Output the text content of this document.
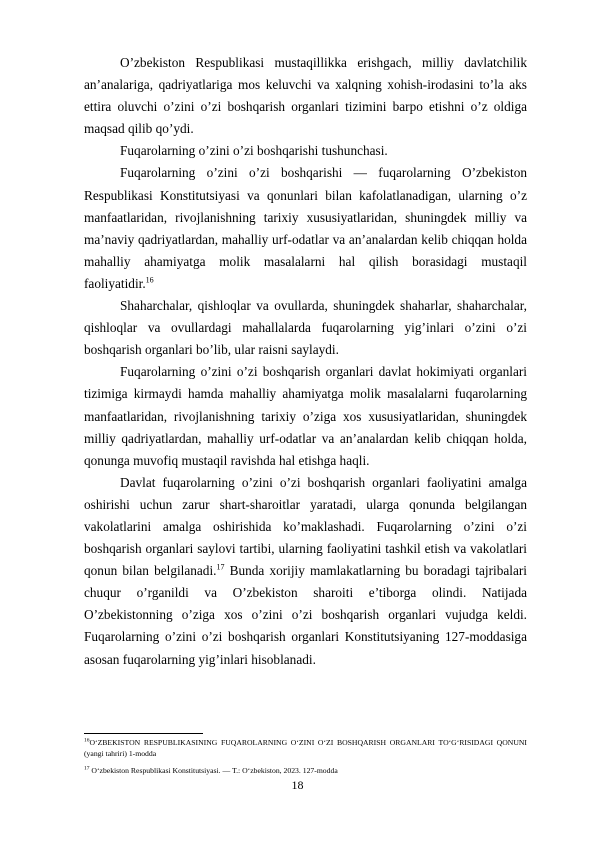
O’zbekiston Respublikasi mustaqillikka erishgach, milliy davlatchilik an’analariga, qadriyatlariga mos keluvchi va xalqning xohish-irodasini to’la aks ettira oluvchi o’zini o’zi boshqarish organlari tizimini barpo etishni o’z oldiga maqsad qilib qo’ydi.

Fuqarolarning o’zini o’zi boshqarishi tushunchasi.

Fuqarolarning o’zini o’zi boshqarishi — fuqarolarning O’zbekiston Respublikasi Konstitutsiyasi va qonunlari bilan kafolatlanadigan, ularning o’z manfaatlaridan, rivojlanishning tarixiy xususiyatlaridan, shuningdek milliy va ma’naviy qadriyatlardan, mahalliy urf-odatlar va an’analardan kelib chiqqan holda mahalliy ahamiyatga molik masalalarni hal qilish borasidagi mustaqil faoliyatidir.$^{16}$

Shaharchalar, qishloqlar va ovullarda, shuningdek shaharlar, shaharchalar, qishloqlar va ovullardagi mahallalarda fuqarolarning yig’inlari o’zini o’zi boshqarish organlari bo’lib, ular raisni saylaydi.

Fuqarolarning o’zini o’zi boshqarish organlari davlat hokimiyati organlari tizimiga kirmaydi hamda mahalliy ahamiyatga molik masalalarni fuqarolarning manfaatlaridan, rivojlanishning tarixiy o’ziga xos xususiyatlaridan, shuningdek milliy qadriyatlardan, mahalliy urf-odatlar va an’analardan kelib chiqqan holda, qonunga muvofiq mustaqil ravishda hal etishga haqli.

Davlat fuqarolarning o’zini o’zi boshqarish organlari faoliyatini amalga oshirishi uchun zarur shart-sharoitlar yaratadi, ularga qonunda belgilangan vakolatlarini amalga oshirishida ko’maklashadi. Fuqarolarning o’zini o’zi boshqarish organlari saylovi tartibi, ularning faoliyatini tashkil etish va vakolatlari qonun bilan belgilanadi.$^{17}$ Bunda xorijiy mamlakatlarning bu boradagi tajribalari chuqur o’rganildi va O’zbekiston sharoiti e’tiborga olindi. Natijada O’zbekistonning o’ziga xos o’zini o’zi boshqarish organlari vujudga keldi. Fuqarolarning o’zini o’zi boshqarish organlari Konstitutsiyaning 127-moddasiga asosan fuqarolarning yig’inlari hisoblanadi.

$^{16}$O‘ZBEKISTON RESPUBLIKASINING FUQAROLARNING O‘ZINI O‘ZI BOSHQARISH ORGANLARI TO‘G‘RISIDAGI QONUNI (yangi tahriri) 1-modda

$^{17}$ O‘zbekiston Respublikasi Konstitutsiyasi. — T.: O‘zbekiston, 2023. 127-modda

18
